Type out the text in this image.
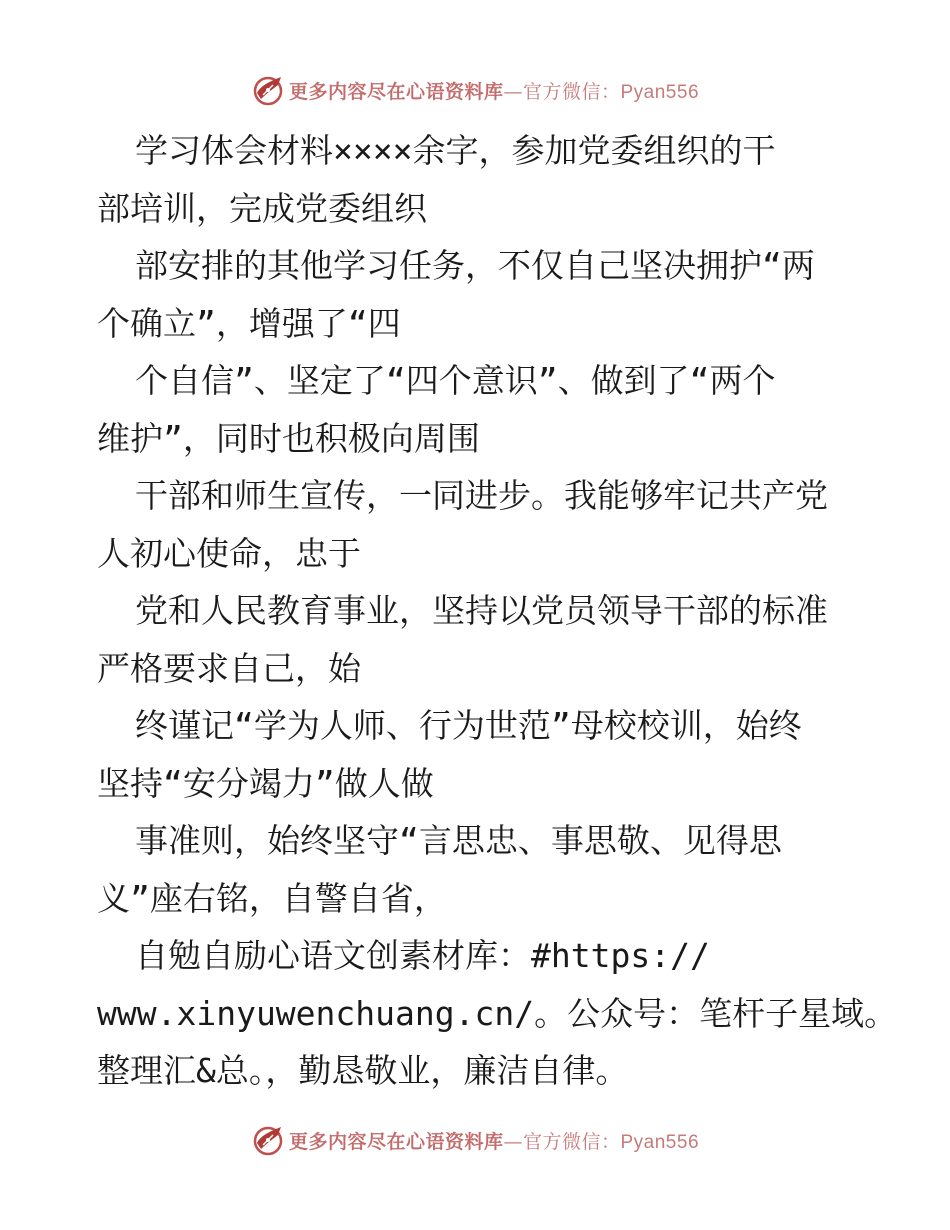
更多内容尽在心语资料库—官方微信：Pyan556
学习体会材料××××余字，参加党委组织的干
部培训，完成党委组织
部安排的其他学习任务，不仅自己坚决拥护“两
个确立”，增强了“四
个自信”、坚定了“四个意识”、做到了“两个
维护”，同时也积极向周围
干部和师生宣传，一同进步。我能够牢记共产党
人初心使命，忠于
党和人民教育事业，坚持以党员领导干部的标准
严格要求自己，始
终谨记“学为人师、行为世范”母校校训，始终
坚持“安分竭力”做人做
事准则，始终坚守“言思忠、事思敬、见得思
义”座右铭，自警自省，
自勉自励心语文创素材库：#https://
www.xinyuwenchuang.cn/。公众号：笔杆子星域。
整理汇&总。，勤恳敬业，廉洁自律。
更多内容尽在心语资料库—官方微信：Pyan556
